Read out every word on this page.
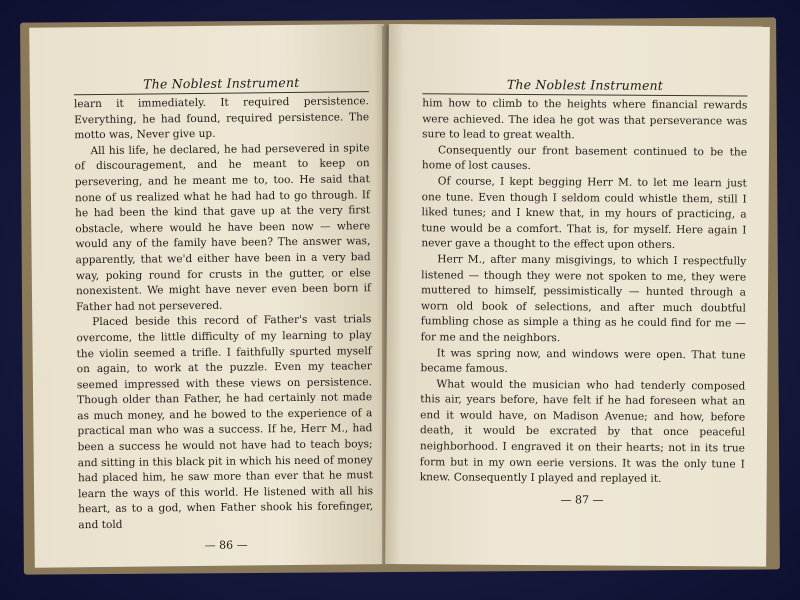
The Noblest Instrument

learn it immediately. It required persistence. Everything, he had found, required persistence. The motto was, Never give up.

All his life, he declared, he had persevered in spite of discouragement, and he meant to keep on persevering, and he meant me to, too. He said that none of us realized what he had had to go through. If he had been the kind that gave up at the very first obstacle, where would he have been now — where would any of the family have been? The answer was, apparently, that we'd either have been in a very bad way, poking round for crusts in the gutter, or else nonexistent. We might have never even been born if Father had not persevered.

Placed beside this record of Father's vast trials overcome, the little difficulty of my learning to play the violin seemed a trifle. I faithfully spurted myself on again, to work at the puzzle. Even my teacher seemed impressed with these views on persistence. Though older than Father, he had certainly not made as much money, and he bowed to the experience of a practical man who was a success. If he, Herr M., had been a success he would not have had to teach boys; and sitting in this black pit in which his need of money had placed him, he saw more than ever that he must learn the ways of this world. He listened with all his heart, as to a god, when Father shook his forefinger, and told

— 86 —
The Noblest Instrument

him how to climb to the heights where financial rewards were achieved. The idea he got was that perseverance was sure to lead to great wealth.

Consequently our front basement continued to be the home of lost causes.

Of course, I kept begging Herr M. to let me learn just one tune. Even though I seldom could whistle them, still I liked tunes; and I knew that, in my hours of practicing, a tune would be a comfort. That is, for myself. Here again I never gave a thought to the effect upon others.

Herr M., after many misgivings, to which I respectfully listened — though they were not spoken to me, they were muttered to himself, pessimistically — hunted through a worn old book of selections, and after much doubtful fumbling chose as simple a thing as he could find for me — for me and the neighbors.

It was spring now, and windows were open. That tune became famous.

What would the musician who had tenderly composed this air, years before, have felt if he had foreseen what an end it would have, on Madison Avenue; and how, before death, it would be excrated by that once peaceful neighborhood. I engraved it on their hearts; not in its true form but in my own eerie versions. It was the only tune I knew. Consequently I played and replayed it.

— 87 —
